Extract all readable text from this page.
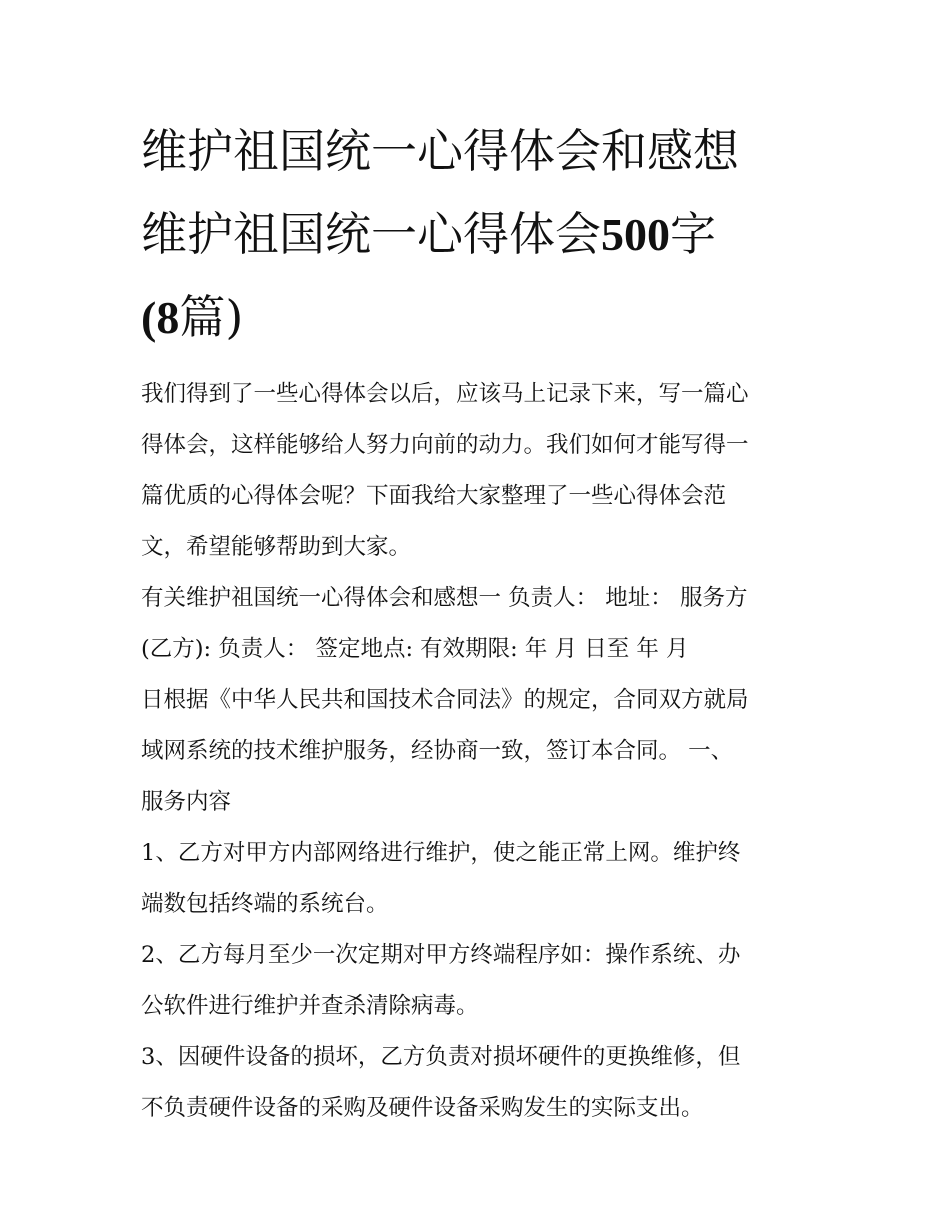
维护祖国统一心得体会和感想
维护祖国统一心得体会500字
(8篇)

我们得到了一些心得体会以后，应该马上记录下来，写一篇心
得体会，这样能够给人努力向前的动力。我们如何才能写得一
篇优质的心得体会呢？下面我给大家整理了一些心得体会范
文，希望能够帮助到大家。

有关维护祖国统一心得体会和感想一 负责人： 地址： 服务方
(乙方): 负责人： 签定地点: 有效期限: 年 月 日至 年 月
日根据《中华人民共和国技术合同法》的规定，合同双方就局
域网系统的技术维护服务，经协商一致，签订本合同。 一、
服务内容

1、乙方对甲方内部网络进行维护，使之能正常上网。维护终
端数包括终端的系统台。

2、乙方每月至少一次定期对甲方终端程序如：操作系统、办
公软件进行维护并查杀清除病毒。

3、因硬件设备的损坏，乙方负责对损坏硬件的更换维修，但
不负责硬件设备的采购及硬件设备采购发生的实际支出。
